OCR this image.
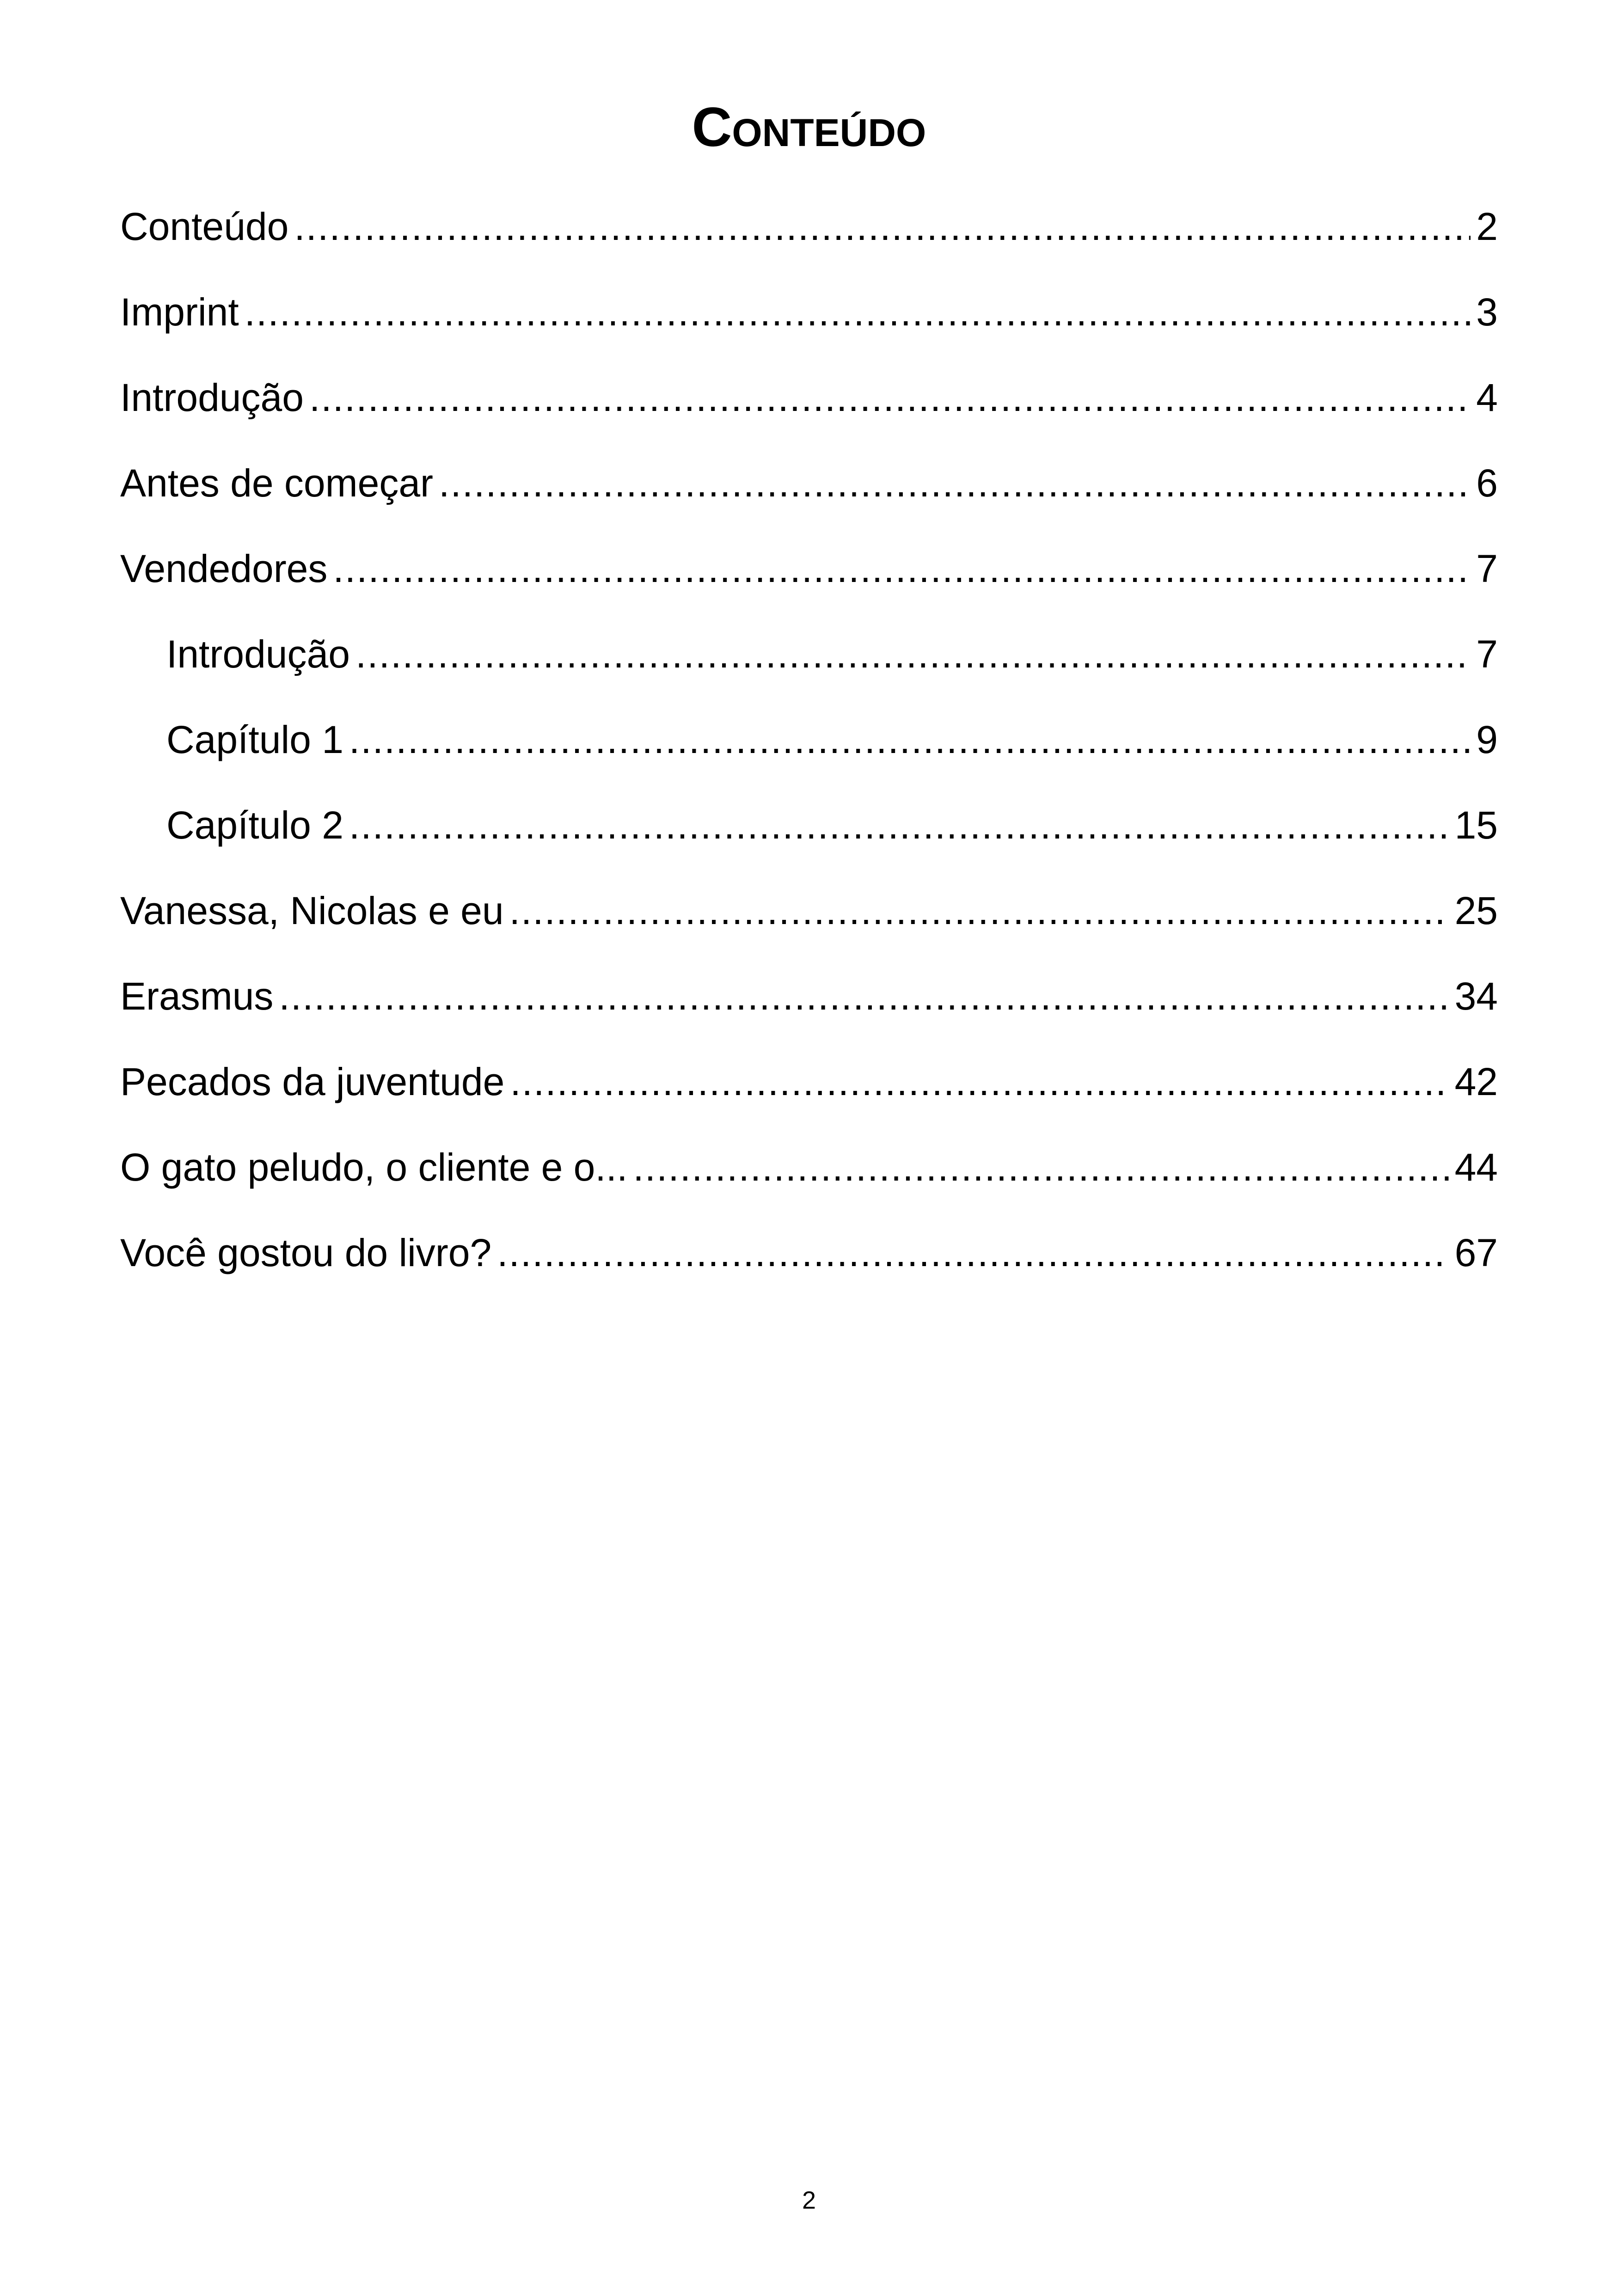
Conteúdo
Conteúdo .....	2
Imprint .....	3
Introdução .....	4
Antes de começar .....	6
Vendedores .....	7
Introdução .....	7
Capítulo 1 .....	9
Capítulo 2 .....	15
Vanessa, Nicolas e eu .....	25
Erasmus .....	34
Pecados da juventude .....	42
O gato peludo, o cliente e o... .....	44
Você gostou do livro? .....	67
2
